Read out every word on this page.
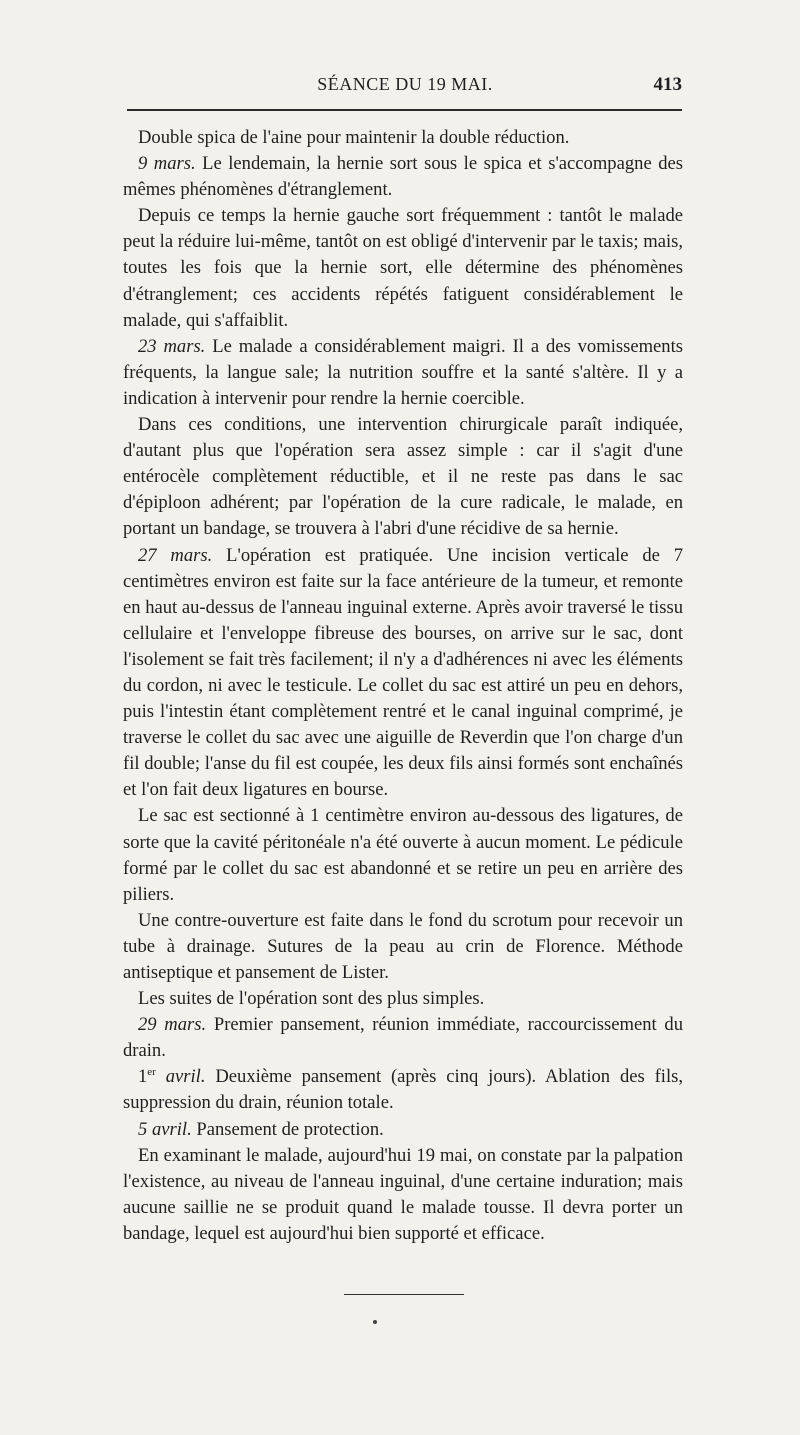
SÉANCE DU 19 MAI.	413

Double spica de l'aine pour maintenir la double réduction.

9 mars. Le lendemain, la hernie sort sous le spica et s'accompagne des mêmes phénomènes d'étranglement.

Depuis ce temps la hernie gauche sort fréquemment : tantôt le malade peut la réduire lui-même, tantôt on est obligé d'intervenir par le taxis; mais, toutes les fois que la hernie sort, elle détermine des phénomènes d'étranglement; ces accidents répétés fatiguent considérablement le malade, qui s'affaiblit.

23 mars. Le malade a considérablement maigri. Il a des vomissements fréquents, la langue sale; la nutrition souffre et la santé s'altère. Il y a indication à intervenir pour rendre la hernie coercible.

Dans ces conditions, une intervention chirurgicale paraît indiquée, d'autant plus que l'opération sera assez simple : car il s'agit d'une entérocèle complètement réductible, et il ne reste pas dans le sac d'épiploon adhérent; par l'opération de la cure radicale, le malade, en portant un bandage, se trouvera à l'abri d'une récidive de sa hernie.

27 mars. L'opération est pratiquée. Une incision verticale de 7 centimètres environ est faite sur la face antérieure de la tumeur, et remonte en haut au-dessus de l'anneau inguinal externe. Après avoir traversé le tissu cellulaire et l'enveloppe fibreuse des bourses, on arrive sur le sac, dont l'isolement se fait très facilement; il n'y a d'adhérences ni avec les éléments du cordon, ni avec le testicule. Le collet du sac est attiré un peu en dehors, puis l'intestin étant complètement rentré et le canal inguinal comprimé, je traverse le collet du sac avec une aiguille de Reverdin que l'on charge d'un fil double; l'anse du fil est coupée, les deux fils ainsi formés sont enchaînés et l'on fait deux ligatures en bourse.

Le sac est sectionné à 1 centimètre environ au-dessous des ligatures, de sorte que la cavité péritonéale n'a été ouverte à aucun moment. Le pédicule formé par le collet du sac est abandonné et se retire un peu en arrière des piliers.

Une contre-ouverture est faite dans le fond du scrotum pour recevoir un tube à drainage. Sutures de la peau au crin de Florence. Méthode antiseptique et pansement de Lister.

Les suites de l'opération sont des plus simples.

29 mars. Premier pansement, réunion immédiate, raccourcissement du drain.

1er avril. Deuxième pansement (après cinq jours). Ablation des fils, suppression du drain, réunion totale.

5 avril. Pansement de protection.

En examinant le malade, aujourd'hui 19 mai, on constate par la palpation l'existence, au niveau de l'anneau inguinal, d'une certaine induration; mais aucune saillie ne se produit quand le malade tousse. Il devra porter un bandage, lequel est aujourd'hui bien supporté et efficace.
